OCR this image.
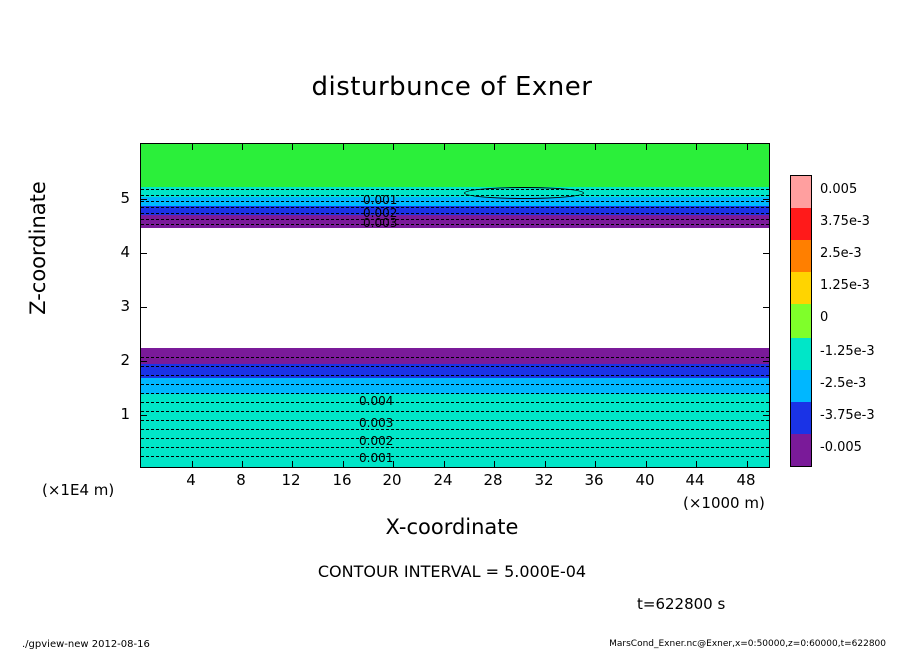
disturbunce of Exner
0.001
0.002
0.003
0.004
0.003
0.002
0.001
4	8	12	16	20	24	28	32	36	40	44	48
1
2
3
4
5
(×1E4 m)
(×1000 m)
X-coordinate
Z-coordinate
CONTOUR INTERVAL = 5.000E-04
t=622800 s
0.005
3.75e-3
2.5e-3
1.25e-3
0
-1.25e-3
-2.5e-3
-3.75e-3
-0.005
./gpview-new 2012-08-16	MarsCond_Exner.nc@Exner,x=0:50000,z=0:60000,t=622800
